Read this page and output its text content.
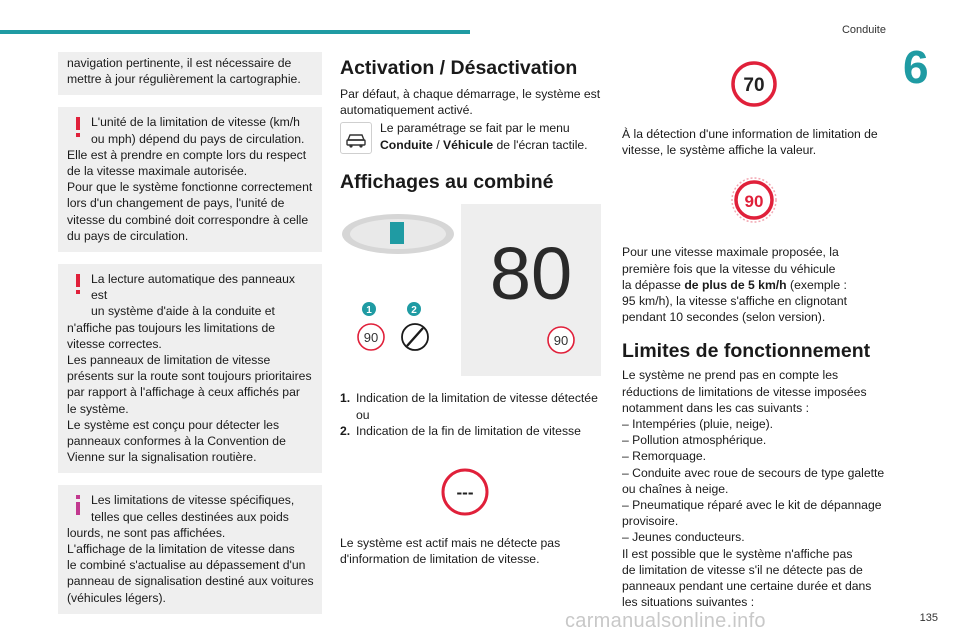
Conduite
6

navigation pertinente, il est nécessaire de

mettre à jour régulièrement la cartographie.

L'unité de la limitation de vitesse (km/h

ou mph) dépend du pays de circulation.

Elle est à prendre en compte lors du respect

de la vitesse maximale autorisée.

Pour que le système fonctionne correctement

lors d'un changement de pays, l'unité de

vitesse du combiné doit correspondre à celle

du pays de circulation.

La lecture automatique des panneaux est

un système d'aide à la conduite et

n'affiche pas toujours les limitations de

vitesse correctes.

Les panneaux de limitation de vitesse

présents sur la route sont toujours prioritaires

par rapport à l'affichage à ceux affichés par

le système.

Le système est conçu pour détecter les

panneaux conformes à la Convention de

Vienne sur la signalisation routière.

Les limitations de vitesse spécifiques,

telles que celles destinées aux poids

lourds, ne sont pas affichées.

L'affichage de la limitation de vitesse dans

le combiné s'actualise au dépassement d'un

panneau de signalisation destiné aux voitures

(véhicules légers).

Activation / Désactivation

Par défaut, à chaque démarrage, le système est

automatiquement activé.

Le paramétrage se fait par le menu

Conduite / Véhicule de l'écran tactile.

Affichages au combiné
1	2
90
80
90
1. Indication de la limitation de vitesse détectée
ou
2. Indication de la fin de limitation de vitesse
---

Le système est actif mais ne détecte pas

d'information de limitation de vitesse.

70

À la détection d'une information de limitation de

vitesse, le système affiche la valeur.

90

Pour une vitesse maximale proposée, la

première fois que la vitesse du véhicule

la dépasse de plus de 5 km/h (exemple :

95 km/h), la vitesse s'affiche en clignotant

pendant 10 secondes (selon version).

Limites de fonctionnement

Le système ne prend pas en compte les

réductions de limitations de vitesse imposées

notamment dans les cas suivants :

– Intempéries (pluie, neige).

– Pollution atmosphérique.

– Remorquage.

– Conduite avec roue de secours de type galette

ou chaînes à neige.

– Pneumatique réparé avec le kit de dépannage

provisoire.

– Jeunes conducteurs.

Il est possible que le système n'affiche pas

de limitation de vitesse s'il ne détecte pas de

panneaux pendant une certaine durée et dans

les situations suivantes :

carmanualsonline.info	135
